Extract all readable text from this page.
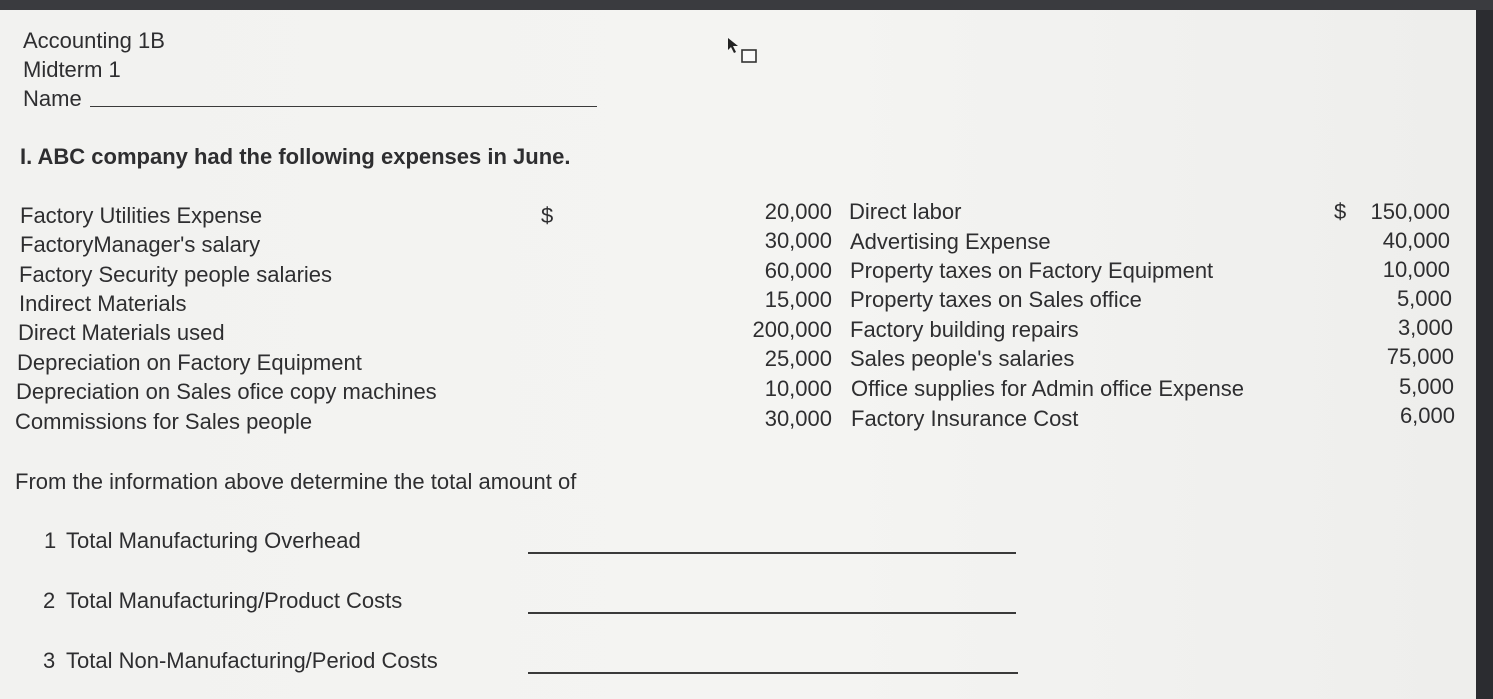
Accounting 1B
Midterm 1
Name
I. ABC company had the following expenses in June.
Factory Utilities Expense
FactoryManager's salary
Factory Security people salaries
Indirect Materials
Direct Materials used
Depreciation on Factory Equipment
Depreciation on Sales ofice copy machines
Commissions for Sales people
$	20,000
30,000
60,000
15,000
200,000
25,000
10,000
30,000
Direct labor
Advertising Expense
Property taxes on Factory Equipment
Property taxes on Sales office
Factory building repairs
Sales people's salaries
Office supplies for Admin office Expense
Factory Insurance Cost
$	150,000
40,000
10,000
5,000
3,000
75,000
5,000
6,000
From the information above determine the total amount of
1 Total Manufacturing Overhead
2 Total Manufacturing/Product Costs
3 Total Non-Manufacturing/Period Costs
